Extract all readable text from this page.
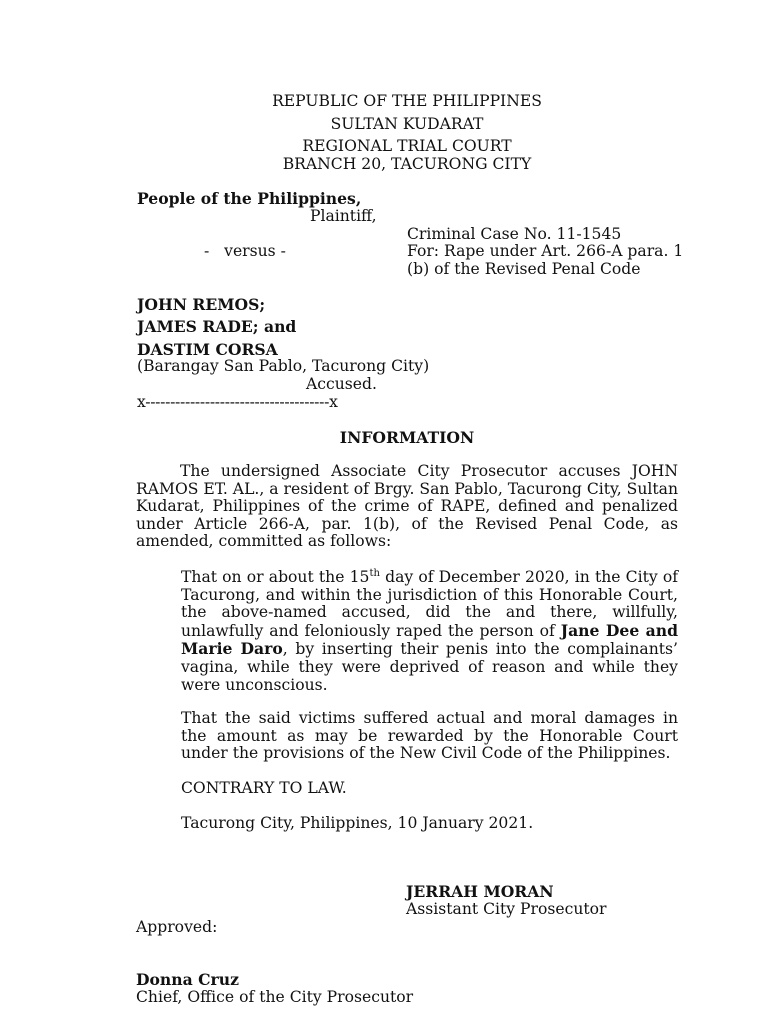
REPUBLIC OF THE PHILIPPINES
SULTAN KUDARAT
REGIONAL TRIAL COURT
BRANCH 20, TACURONG CITY
People of the Philippines,
Plaintiff,
Criminal Case No. 11-1545
-   versus -	For: Rape under Art. 266-A para. 1
(b) of the Revised Penal Code
JOHN REMOS;
JAMES RADE; and
DASTIM CORSA
(Barangay San Pablo, Tacurong City)
Accused.
x-------------------------------------x
INFORMATION
The undersigned Associate City Prosecutor accuses JOHN RAMOS ET. AL., a resident of Brgy. San Pablo, Tacurong City, Sultan Kudarat, Philippines of the crime of RAPE, defined and penalized under Article 266-A, par. 1(b), of the Revised Penal Code, as amended, committed as follows:
That on or about the 15th day of December 2020, in the City of Tacurong, and within the jurisdiction of this Honorable Court, the above-named accused, did the and there, willfully, unlawfully and feloniously raped the person of Jane Dee and Marie Daro, by inserting their penis into the complainants’ vagina, while they were deprived of reason and while they were unconscious.
That the said victims suffered actual and moral damages in the amount as may be rewarded by the Honorable Court under the provisions of the New Civil Code of the Philippines.
CONTRARY TO LAW.
Tacurong City, Philippines, 10 January 2021.
JERRAH MORAN
Assistant City Prosecutor
Approved:
Donna Cruz
Chief, Office of the City Prosecutor
